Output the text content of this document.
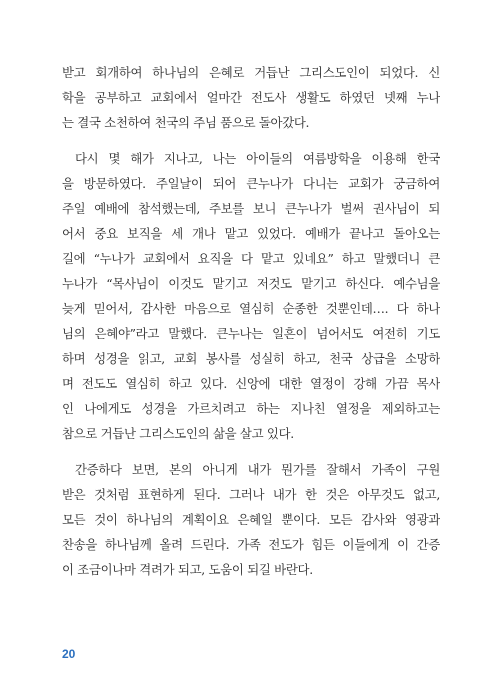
받고 회개하여 하나님의 은혜로 거듭난 그리스도인이 되었다. 신
학을 공부하고 교회에서 얼마간 전도사 생활도 하였던 넷째 누나
는 결국 소천하여 천국의 주님 품으로 돌아갔다.
다시 몇 해가 지나고, 나는 아이들의 여름방학을 이용해 한국
을 방문하였다. 주일날이 되어 큰누나가 다니는 교회가 궁금하여
주일 예배에 참석했는데, 주보를 보니 큰누나가 벌써 권사님이 되
어서 중요 보직을 세 개나 맡고 있었다. 예배가 끝나고 돌아오는
길에 “누나가 교회에서 요직을 다 맡고 있네요” 하고 말했더니 큰
누나가 “목사님이 이것도 맡기고 저것도 맡기고 하신다. 예수님을
늦게 믿어서, 감사한 마음으로 열심히 순종한 것뿐인데…. 다 하나
님의 은혜야”라고 말했다. 큰누나는 일흔이 넘어서도 여전히 기도
하며 성경을 읽고, 교회 봉사를 성실히 하고, 천국 상급을 소망하
며 전도도 열심히 하고 있다. 신앙에 대한 열정이 강해 가끔 목사
인 나에게도 성경을 가르치려고 하는 지나친 열정을 제외하고는
참으로 거듭난 그리스도인의 삶을 살고 있다.
간증하다 보면, 본의 아니게 내가 뭔가를 잘해서 가족이 구원
받은 것처럼 표현하게 된다. 그러나 내가 한 것은 아무것도 없고,
모든 것이 하나님의 계획이요 은혜일 뿐이다. 모든 감사와 영광과
찬송을 하나님께 올려 드린다. 가족 전도가 힘든 이들에게 이 간증
이 조금이나마 격려가 되고, 도움이 되길 바란다.
20
